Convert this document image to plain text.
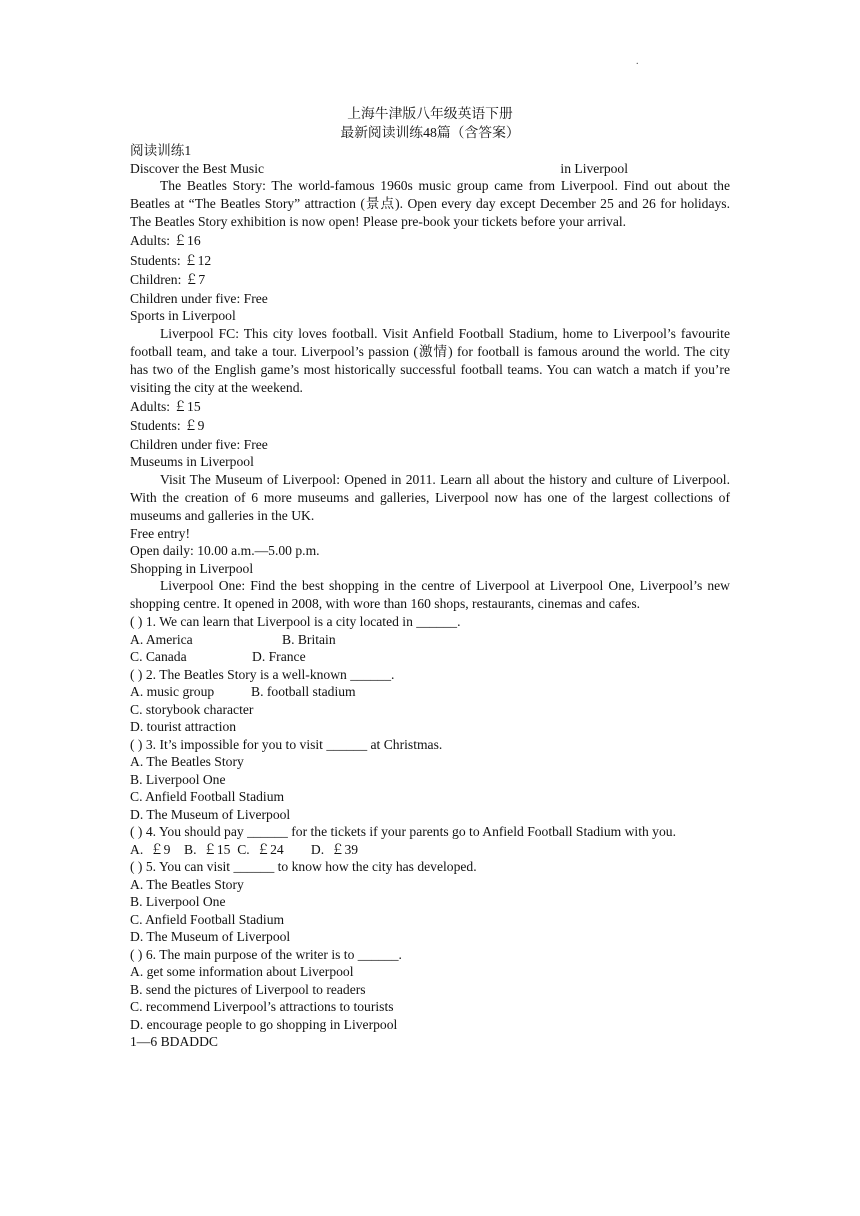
.
上海牛津版八年级英语下册
最新阅读训练48篇（含答案）
阅读训练1
Discover the Best Music	in Liverpool
The Beatles Story: The world-famous 1960s music group came from Liverpool. Find out about the Beatles at “The Beatles Story” attraction (景点). Open every day except December 25 and 26 for holidays. The Beatles Story exhibition is now open! Please pre-book your tickets before your arrival.
Adults: ￡16
Students: ￡12
Children: ￡7
Children under five: Free
Sports in Liverpool
Liverpool FC: This city loves football. Visit Anfield Football Stadium, home to Liverpool’s favourite football team, and take a tour. Liverpool’s passion (激情) for football is famous around the world. The city has two of the English game’s most historically successful football teams. You can watch a match if you’re visiting the city at the weekend.
Adults: ￡15
Students: ￡9
Children under five: Free
Museums in Liverpool
Visit The Museum of Liverpool: Opened in 2011. Learn all about the history and culture of Liverpool. With the creation of 6 more museums and galleries, Liverpool now has one of the largest collections of museums and galleries in the UK.
Free entry!
Open daily: 10.00 a.m.—5.00 p.m.
Shopping in Liverpool
Liverpool One: Find the best shopping in the centre of Liverpool at Liverpool One, Liverpool’s new shopping centre. It opened in 2008, with wore than 160 shops, restaurants, cinemas and cafes.
( ) 1. We can learn that Liverpool is a city located in ______.
A. America	B. Britain
C. Canada	D. France
( ) 2. The Beatles Story is a well-known ______.
A. music group	B. football stadium
C. storybook character
D. tourist attraction
( ) 3. It’s impossible for you to visit ______ at Christmas.
A. The Beatles Story
B. Liverpool One
C. Anfield Football Stadium
D. The Museum of Liverpool
( ) 4. You should pay ______ for the tickets if your parents go to Anfield Football Stadium with you.
A.  ￡9    B.  ￡15  C.  ￡24        D.  ￡39
( ) 5. You can visit ______ to know how the city has developed.
A. The Beatles Story
B. Liverpool One
C. Anfield Football Stadium
D. The Museum of Liverpool
( ) 6. The main purpose of the writer is to ______.
A. get some information about Liverpool
B. send the pictures of Liverpool to readers
C. recommend Liverpool’s attractions to tourists
D. encourage people to go shopping in Liverpool
1—6 BDADDC
